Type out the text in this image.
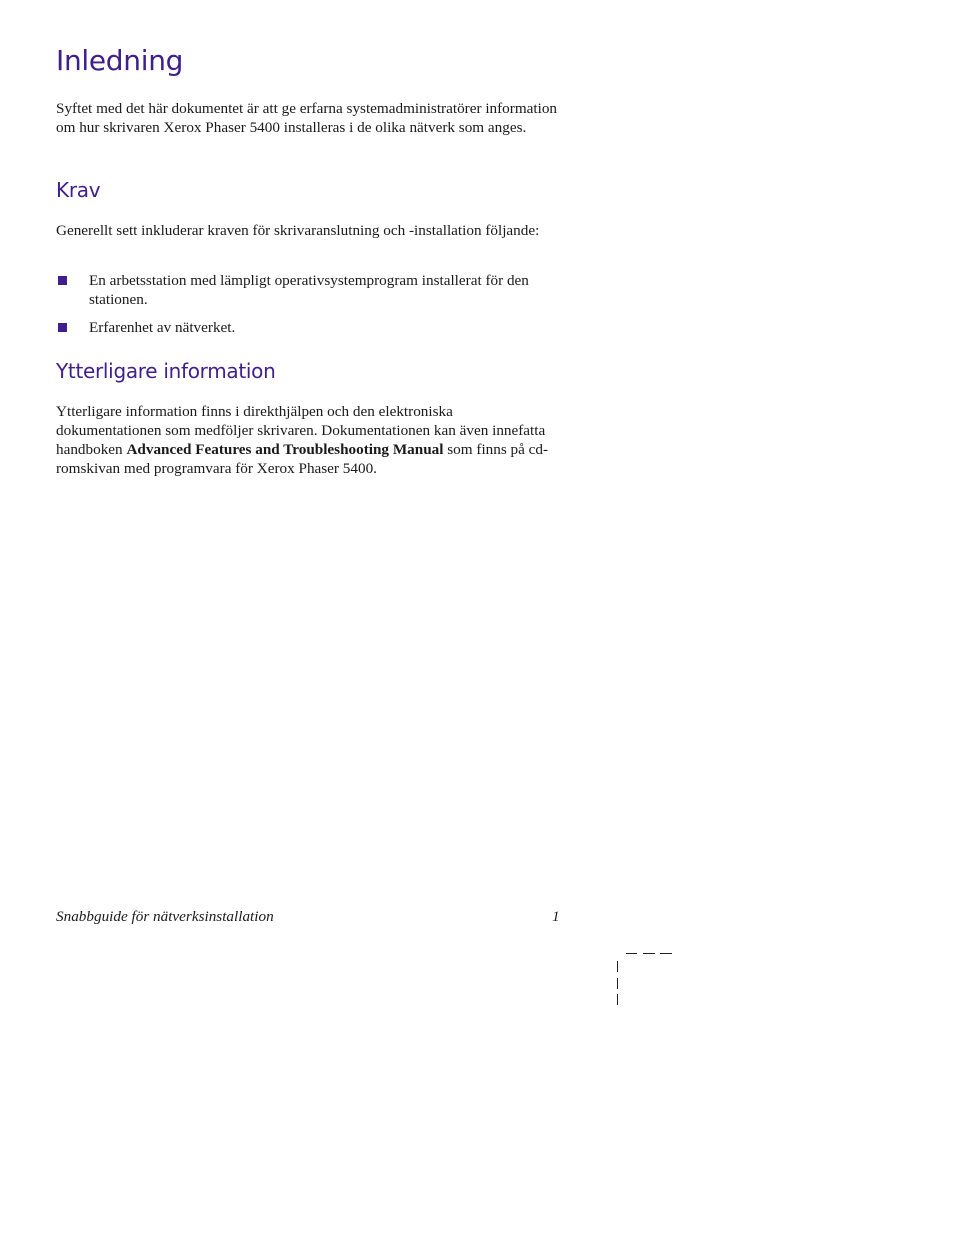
Inledning

Syftet med det här dokumentet är att ge erfarna systemadministratörer information om hur skrivaren Xerox Phaser 5400 installeras i de olika nätverk som anges.

Krav

Generellt sett inkluderar kraven för skrivaranslutning och -installation följande:

En arbetsstation med lämpligt operativsystemprogram installerat för den stationen.

Erfarenhet av nätverket.

Ytterligare information

Ytterligare information finns i direkthjälpen och den elektroniska dokumentationen som medföljer skrivaren. Dokumentationen kan även innefatta handboken Advanced Features and Troubleshooting Manual som finns på cd-romskivan med programvara för Xerox Phaser 5400.

Snabbguide för nätverksinstallation	1
